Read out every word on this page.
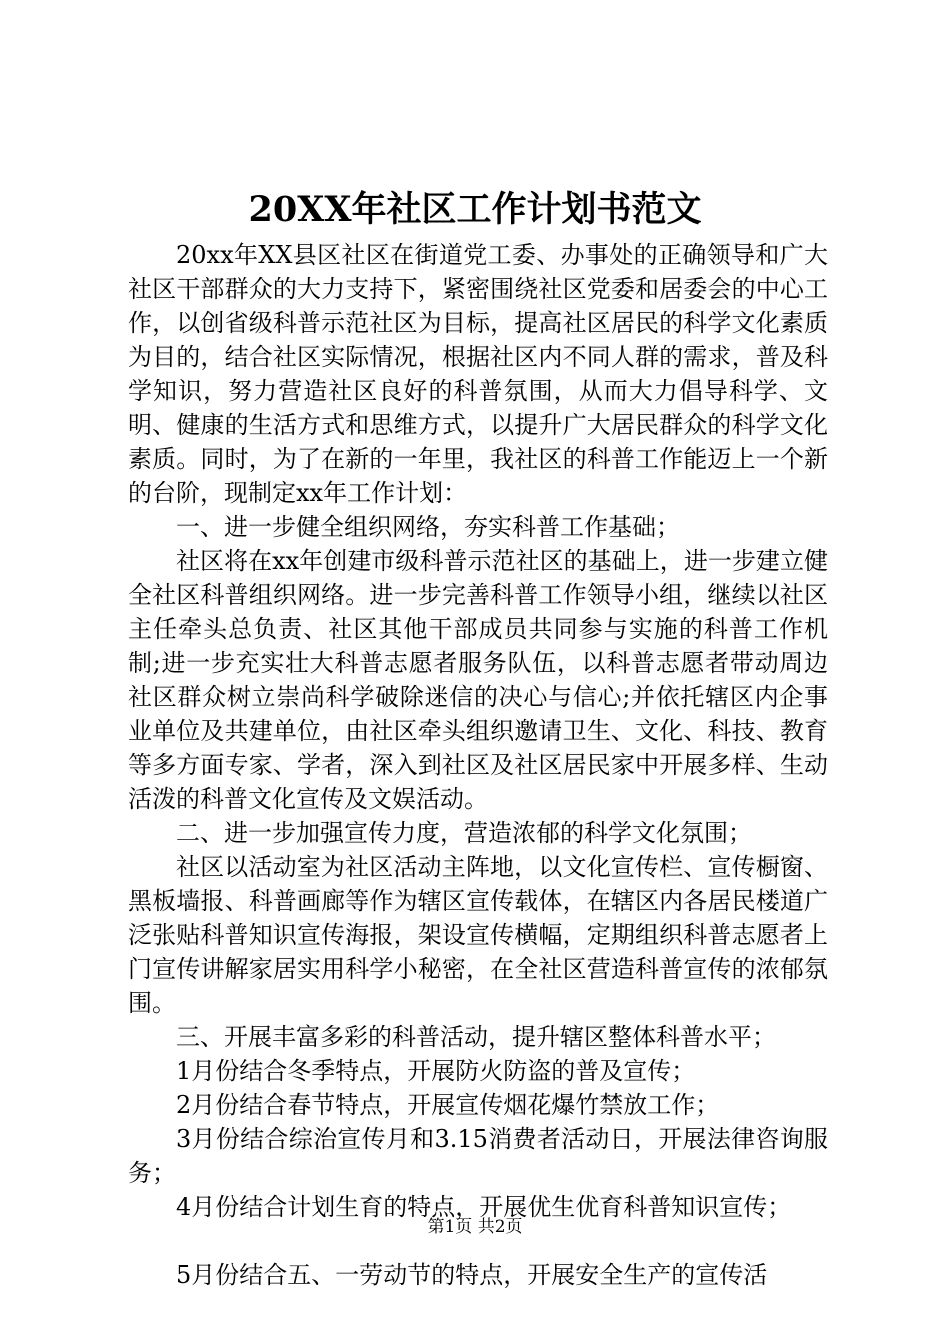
20XX年社区工作计划书范文

20xx年XX县区社区在街道党工委、办事处的正确领导和广大社区干部群众的大力支持下，紧密围绕社区党委和居委会的中心工作，以创省级科普示范社区为目标，提高社区居民的科学文化素质为目的，结合社区实际情况，根据社区内不同人群的需求，普及科学知识，努力营造社区良好的科普氛围，从而大力倡导科学、文明、健康的生活方式和思维方式，以提升广大居民群众的科学文化素质。同时，为了在新的一年里，我社区的科普工作能迈上一个新的台阶，现制定xx年工作计划：

一、进一步健全组织网络，夯实科普工作基础；

社区将在xx年创建市级科普示范社区的基础上，进一步建立健全社区科普组织网络。进一步完善科普工作领导小组，继续以社区主任牵头总负责、社区其他干部成员共同参与实施的科普工作机制;进一步充实壮大科普志愿者服务队伍，以科普志愿者带动周边社区群众树立崇尚科学破除迷信的决心与信心;并依托辖区内企事业单位及共建单位，由社区牵头组织邀请卫生、文化、科技、教育等多方面专家、学者，深入到社区及社区居民家中开展多样、生动活泼的科普文化宣传及文娱活动。

二、进一步加强宣传力度，营造浓郁的科学文化氛围；

社区以活动室为社区活动主阵地，以文化宣传栏、宣传橱窗、黑板墙报、科普画廊等作为辖区宣传载体，在辖区内各居民楼道广泛张贴科普知识宣传海报，架设宣传横幅，定期组织科普志愿者上门宣传讲解家居实用科学小秘密，在全社区营造科普宣传的浓郁氛围。

三、开展丰富多彩的科普活动，提升辖区整体科普水平；

1月份结合冬季特点，开展防火防盗的普及宣传；

2月份结合春节特点，开展宣传烟花爆竹禁放工作；

3月份结合综治宣传月和3.15消费者活动日，开展法律咨询服务；

4月份结合计划生育的特点，开展优生优育科普知识宣传；

5月份结合五、一劳动节的特点，开展安全生产的宣传活

第1页 共2页
